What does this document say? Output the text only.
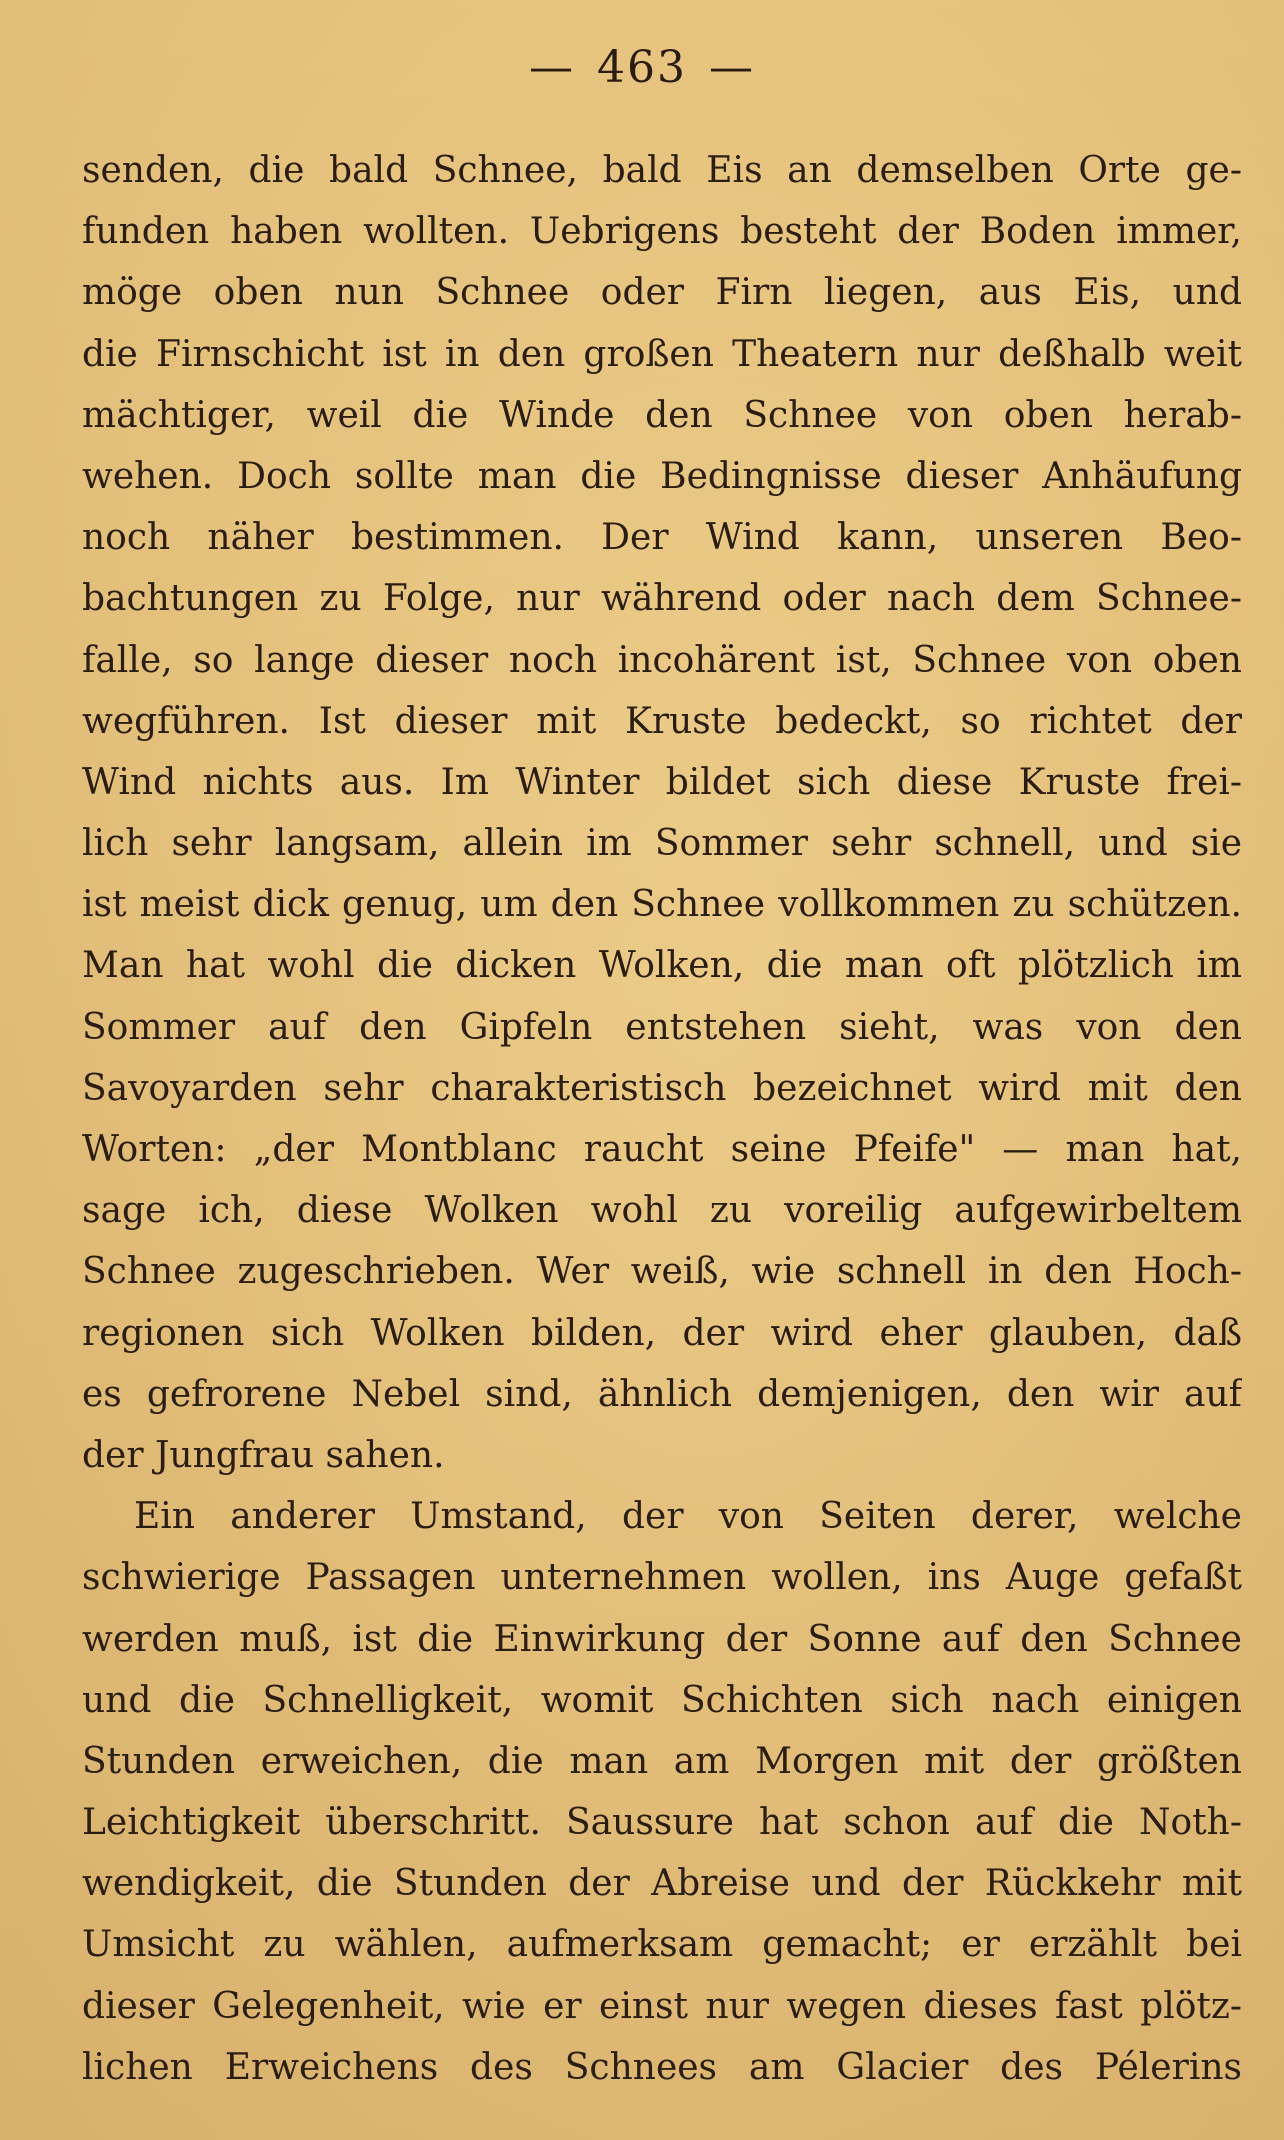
— 463 —
senden, die bald Schnee, bald Eis an demselben Orte ge-
funden haben wollten. Uebrigens besteht der Boden immer,
möge oben nun Schnee oder Firn liegen, aus Eis, und
die Firnschicht ist in den großen Theatern nur deßhalb weit
mächtiger, weil die Winde den Schnee von oben herab-
wehen. Doch sollte man die Bedingnisse dieser Anhäufung
noch näher bestimmen. Der Wind kann, unseren Beo-
bachtungen zu Folge, nur während oder nach dem Schnee-
falle, so lange dieser noch incohärent ist, Schnee von oben
wegführen. Ist dieser mit Kruste bedeckt, so richtet der
Wind nichts aus. Im Winter bildet sich diese Kruste frei-
lich sehr langsam, allein im Sommer sehr schnell, und sie
ist meist dick genug, um den Schnee vollkommen zu schützen.
Man hat wohl die dicken Wolken, die man oft plötzlich im
Sommer auf den Gipfeln entstehen sieht, was von den
Savoyarden sehr charakteristisch bezeichnet wird mit den
Worten: „der Montblanc raucht seine Pfeife" — man hat,
sage ich, diese Wolken wohl zu voreilig aufgewirbeltem
Schnee zugeschrieben. Wer weiß, wie schnell in den Hoch-
regionen sich Wolken bilden, der wird eher glauben, daß
es gefrorene Nebel sind, ähnlich demjenigen, den wir auf
der Jungfrau sahen.
Ein anderer Umstand, der von Seiten derer, welche
schwierige Passagen unternehmen wollen, ins Auge gefaßt
werden muß, ist die Einwirkung der Sonne auf den Schnee
und die Schnelligkeit, womit Schichten sich nach einigen
Stunden erweichen, die man am Morgen mit der größten
Leichtigkeit überschritt. Saussure hat schon auf die Noth-
wendigkeit, die Stunden der Abreise und der Rückkehr mit
Umsicht zu wählen, aufmerksam gemacht; er erzählt bei
dieser Gelegenheit, wie er einst nur wegen dieses fast plötz-
lichen Erweichens des Schnees am Glacier des Pélerins
